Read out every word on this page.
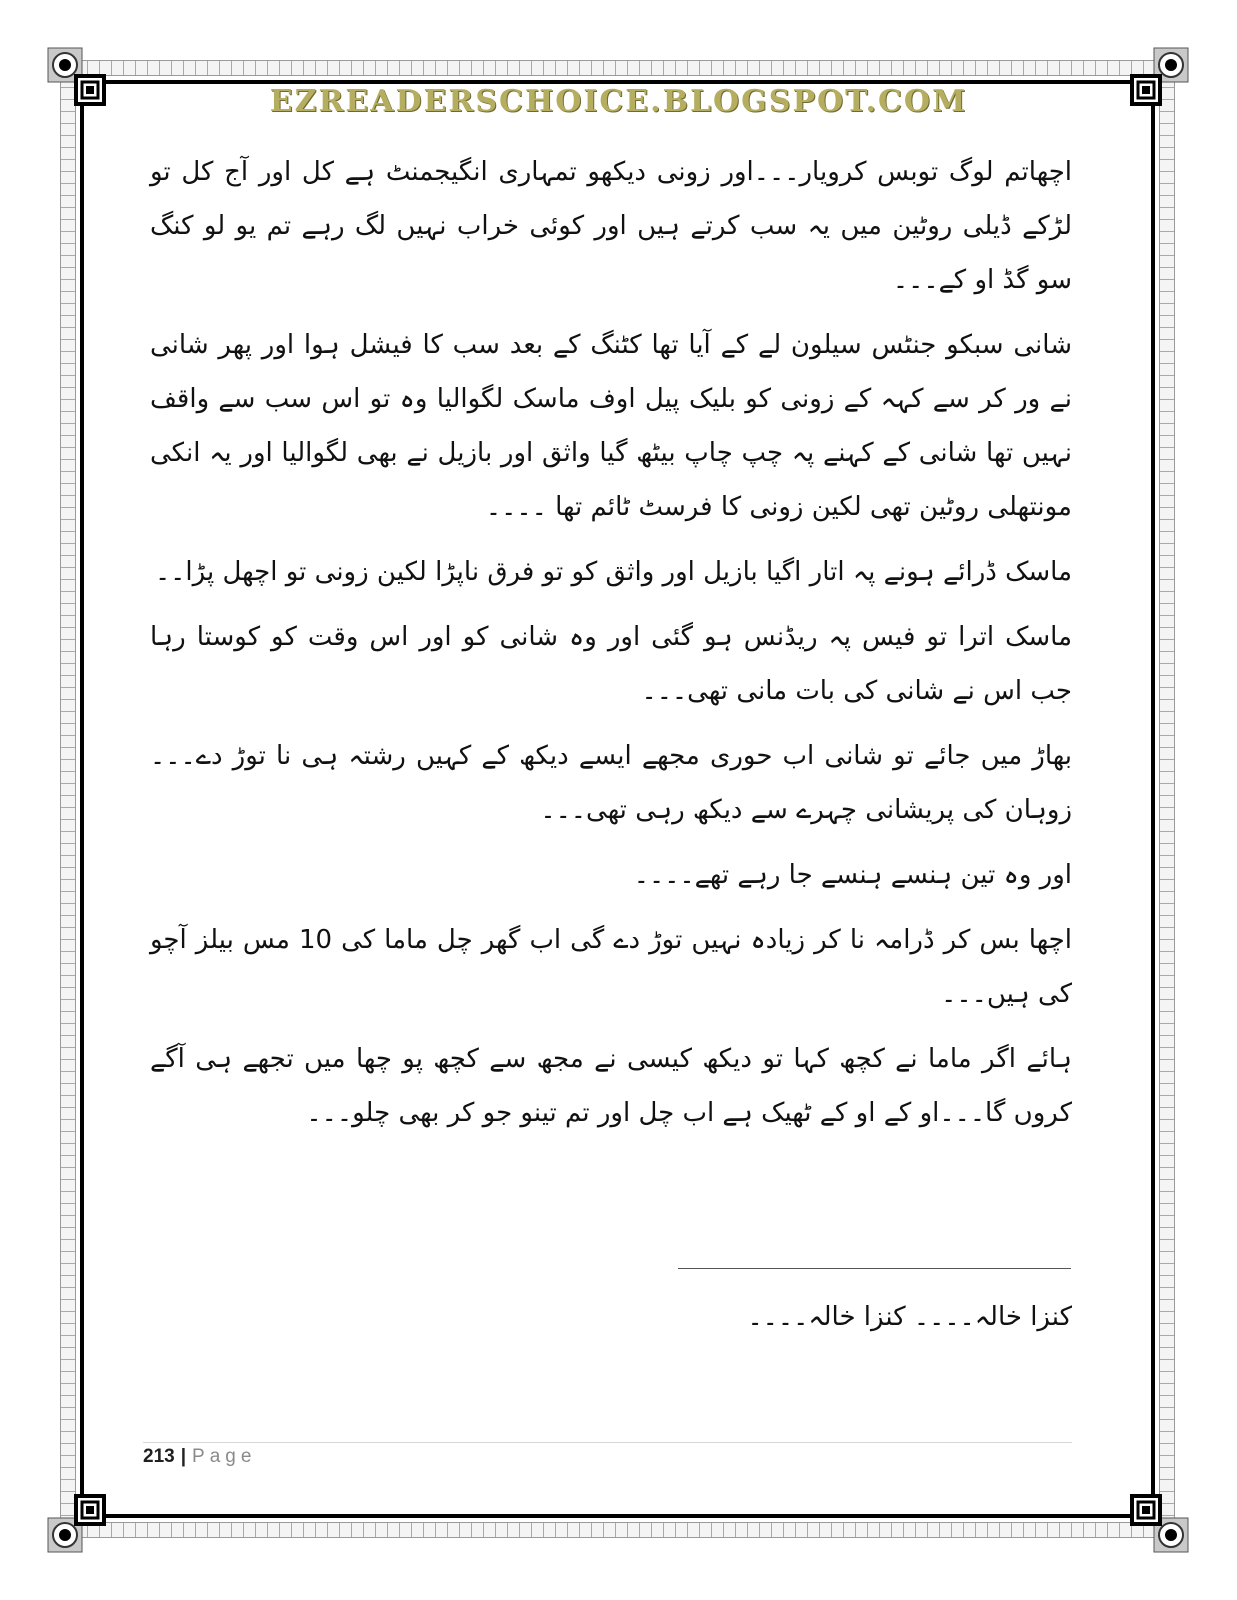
EZREADERSCHOICE.BLOGSPOT.COM

اچھاتم لوگ توبس کرویار۔۔۔اور زونی دیکھو تمہاری انگیجمنٹ ہے کل اور آج کل تو لڑکے ڈیلی روٹین میں یہ سب کرتے ہیں اور کوئی خراب نہیں لگ رہے تم یو لو کنگ سو گڈ او کے۔۔۔

شانی سبکو جنٹس سیلون لے کے آیا تھا کٹنگ کے بعد سب کا فیشل ہوا اور پھر شانی نے ور کر سے کہہ کے زونی کو بلیک پیل اوف ماسک لگوالیا وہ تو اس سب سے واقف نہیں تھا شانی کے کہنے پہ چپ چاپ بیٹھ گیا واثق اور بازیل نے بھی لگوالیا اور یہ انکی مونتھلی روٹین تھی لکین زونی کا فرسٹ ٹائم تھا ۔۔۔۔

ماسک ڈرائے ہونے پہ اتار اگیا بازیل اور واثق کو تو فرق ناپڑا لکین زونی تو اچھل پڑا۔۔

ماسک اترا تو فیس پہ ریڈنس ہو گئی اور وہ شانی کو اور اس وقت کو کوستا رہا جب اس نے شانی کی بات مانی تھی۔۔۔

بھاڑ میں جائے تو شانی اب حوری مجھے ایسے دیکھ کے کہیں رشتہ ہی نا توڑ دے۔۔۔زوہان کی پریشانی چہرے سے دیکھ رہی تھی۔۔۔

اور وہ تین ہنسے ہنسے جا رہے تھے۔۔۔۔

اچھا بس کر ڈرامہ نا کر زیادہ نہیں توڑ دے گی اب گھر چل ماما کی 10 مس بیلز آچو کی ہیں۔۔۔

ہائے اگر ماما نے کچھ کہا تو دیکھ کیسی نے مجھ سے کچھ پو چھا میں تجھے ہی آگے کروں گا۔۔۔او کے او کے ٹھیک ہے اب چل اور تم تینو جو کر بھی چلو۔۔۔

کنزا خالہ۔۔۔۔ کنزا خالہ۔۔۔۔
213 | Page
